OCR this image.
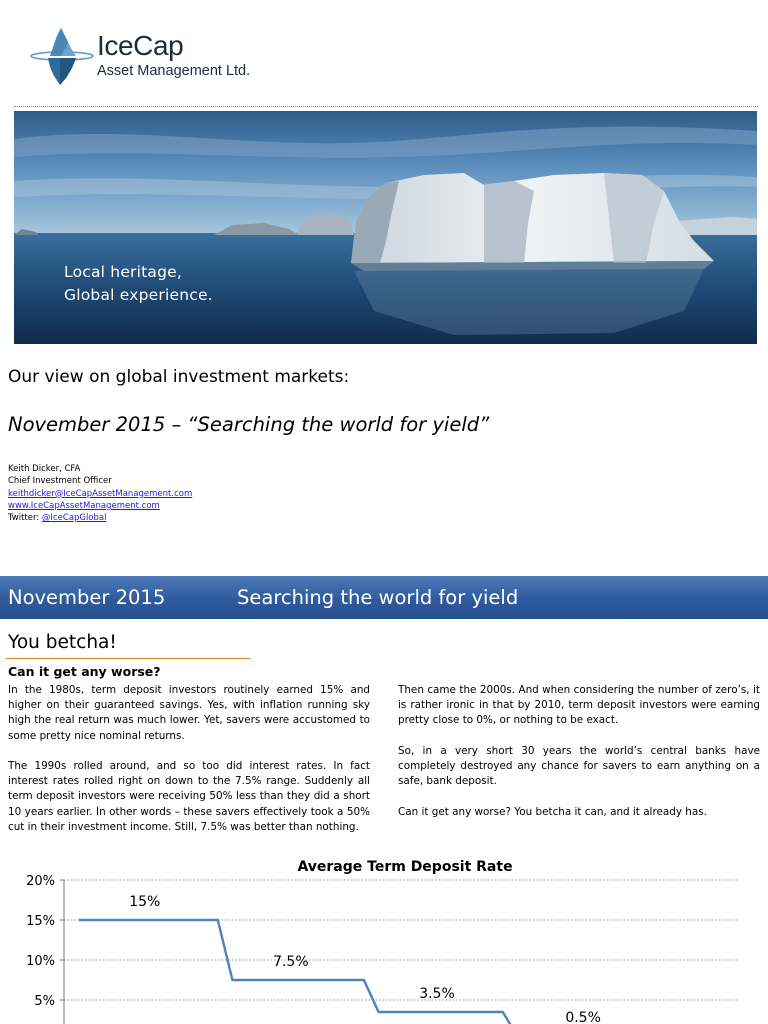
IceCap
Asset Management Ltd.
Local heritage,
Global experience.
Our view on global investment markets:
November 2015 – “Searching the world for yield”
Keith Dicker, CFA
Chief Investment Officer
keithdicker@IceCapAssetManagement.com
www.IceCapAssetManagement.com
Twitter: @IceCapGlobal
November 2015	Searching the world for yield
You betcha!
Can it get any worse?

In the 1980s, term deposit investors routinely earned 15% and higher on their guaranteed savings. Yes, with inflation running sky high the real return was much lower. Yet, savers were accustomed to some pretty nice nominal returns.

The 1990s rolled around, and so too did interest rates. In fact interest rates rolled right on down to the 7.5% range. Suddenly all term deposit investors were receiving 50% less than they did a short 10 years earlier. In other words – these savers effectively took a 50% cut in their investment income. Still, 7.5% was better than nothing.

Then came the 2000s. And when considering the number of zero’s, it is rather ironic in that by 2010, term deposit investors were earning pretty close to 0%, or nothing to be exact.

So, in a very short 30 years the world’s central banks have completely destroyed any chance for savers to earn anything on a safe, bank deposit.

Can it get any worse? You betcha it can, and it already has.

Average Term Deposit Rate
20%
15%
10%
5%
15%
7.5%
3.5%
0.5%
